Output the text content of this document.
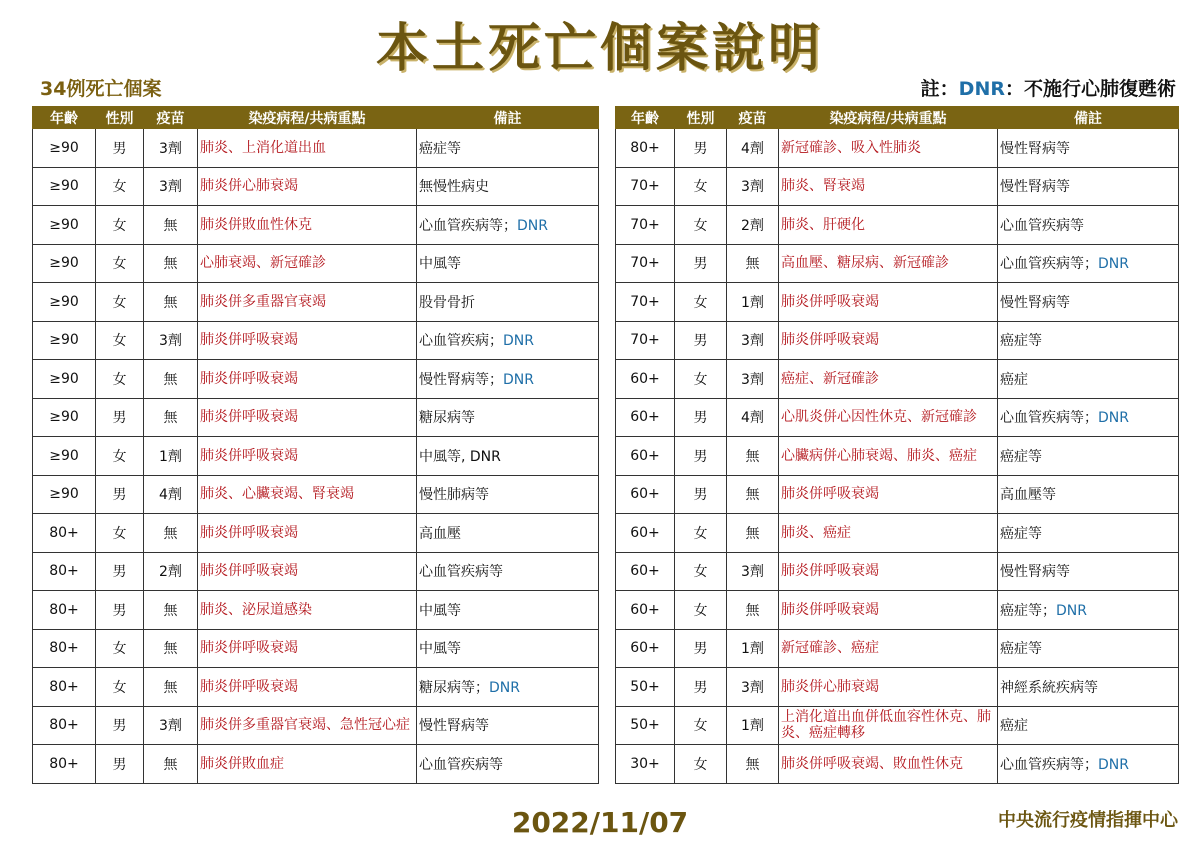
本土死亡個案說明
34例死亡個案	註：DNR：不施行心肺復甦術
年齡	性別	疫苗	染疫病程/共病重點	備註
≥90	男	3劑	肺炎、上消化道出血	癌症等
≥90	女	3劑	肺炎併心肺衰竭	無慢性病史
≥90	女	無	肺炎併敗血性休克	心血管疾病等；DNR
≥90	女	無	心肺衰竭、新冠確診	中風等
≥90	女	無	肺炎併多重器官衰竭	股骨骨折
≥90	女	3劑	肺炎併呼吸衰竭	心血管疾病；DNR
≥90	女	無	肺炎併呼吸衰竭	慢性腎病等；DNR
≥90	男	無	肺炎併呼吸衰竭	糖尿病等
≥90	女	1劑	肺炎併呼吸衰竭	中風等, DNR
≥90	男	4劑	肺炎、心臟衰竭、腎衰竭	慢性肺病等
80+	女	無	肺炎併呼吸衰竭	高血壓
80+	男	2劑	肺炎併呼吸衰竭	心血管疾病等
80+	男	無	肺炎、泌尿道感染	中風等
80+	女	無	肺炎併呼吸衰竭	中風等
80+	女	無	肺炎併呼吸衰竭	糖尿病等；DNR
80+	男	3劑	肺炎併多重器官衰竭、急性冠心症	慢性腎病等
80+	男	無	肺炎併敗血症	心血管疾病等
年齡	性別	疫苗	染疫病程/共病重點	備註
80+	男	4劑	新冠確診、吸入性肺炎	慢性腎病等
70+	女	3劑	肺炎、腎衰竭	慢性腎病等
70+	女	2劑	肺炎、肝硬化	心血管疾病等
70+	男	無	高血壓、糖尿病、新冠確診	心血管疾病等；DNR
70+	女	1劑	肺炎併呼吸衰竭	慢性腎病等
70+	男	3劑	肺炎併呼吸衰竭	癌症等
60+	女	3劑	癌症、新冠確診	癌症
60+	男	4劑	心肌炎併心因性休克、新冠確診	心血管疾病等；DNR
60+	男	無	心臟病併心肺衰竭、肺炎、癌症	癌症等
60+	男	無	肺炎併呼吸衰竭	高血壓等
60+	女	無	肺炎、癌症	癌症等
60+	女	3劑	肺炎併呼吸衰竭	慢性腎病等
60+	女	無	肺炎併呼吸衰竭	癌症等；DNR
60+	男	1劑	新冠確診、癌症	癌症等
50+	男	3劑	肺炎併心肺衰竭	神經系統疾病等
50+	女	1劑	上消化道出血併低血容性休克、肺炎、癌症轉移	癌症
30+	女	無	肺炎併呼吸衰竭、敗血性休克	心血管疾病等；DNR
2022/11/07	中央流行疫情指揮中心
